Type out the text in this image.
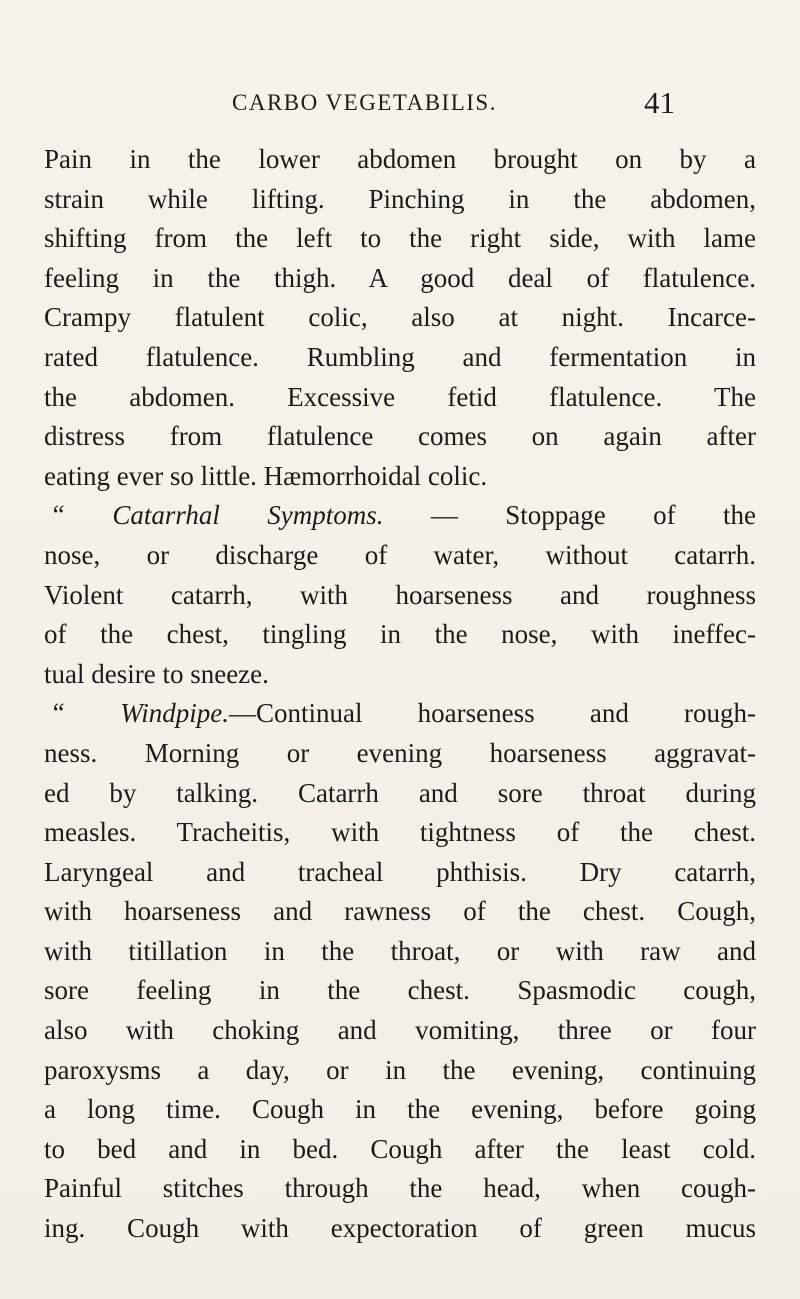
CARBO VEGETABILIS.	41
Pain in the lower abdomen brought on by a
strain while lifting. Pinching in the abdomen,
shifting from the left to the right side, with lame
feeling in the thigh. A good deal of flatulence.
Crampy flatulent colic, also at night. Incarce-
rated flatulence. Rumbling and fermentation in
the abdomen. Excessive fetid flatulence. The
distress from flatulence comes on again after
eating ever so little. Hæmorrhoidal colic.
“ Catarrhal Symptoms. — Stoppage of the
nose, or discharge of water, without catarrh.
Violent catarrh, with hoarseness and roughness
of the chest, tingling in the nose, with ineffec-
tual desire to sneeze.
“ Windpipe.—Continual hoarseness and rough-
ness. Morning or evening hoarseness aggravat-
ed by talking. Catarrh and sore throat during
measles. Tracheitis, with tightness of the chest.
Laryngeal and tracheal phthisis. Dry catarrh,
with hoarseness and rawness of the chest. Cough,
with titillation in the throat, or with raw and
sore feeling in the chest. Spasmodic cough,
also with choking and vomiting, three or four
paroxysms a day, or in the evening, continuing
a long time. Cough in the evening, before going
to bed and in bed. Cough after the least cold.
Painful stitches through the head, when cough-
ing. Cough with expectoration of green mucus
